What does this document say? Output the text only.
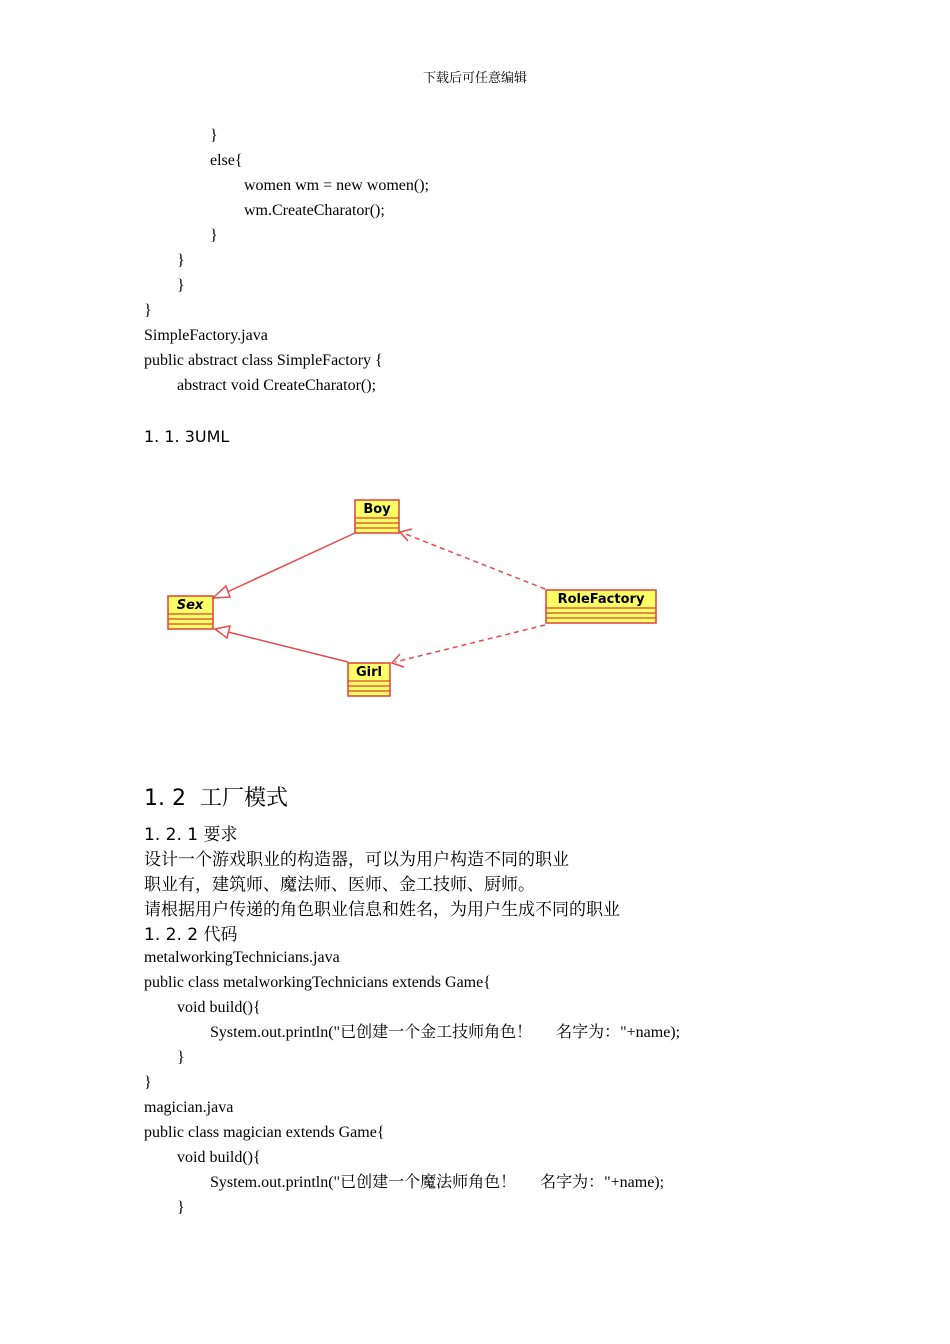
下载后可任意编辑
}
else{
women wm = new women();
wm.CreateCharator();
}
}
}
}
SimpleFactory.java
public abstract class SimpleFactory {
abstract void CreateCharator();
1. 1. 3UML
Boy
Sex
Girl
RoleFactory
1. 2  工厂模式
1. 2. 1 要求
设计一个游戏职业的构造器，可以为用户构造不同的职业
职业有，建筑师、魔法师、医师、金工技师、厨师。
请根据用户传递的角色职业信息和姓名，为用户生成不同的职业
1. 2. 2 代码
metalworkingTechnicians.java
public class metalworkingTechnicians extends Game{
void build(){
System.out.println("已创建一个金工技师角色！      名字为："+name);
}
}
magician.java
public class magician extends Game{
void build(){
System.out.println("已创建一个魔法师角色！      名字为："+name);
}
